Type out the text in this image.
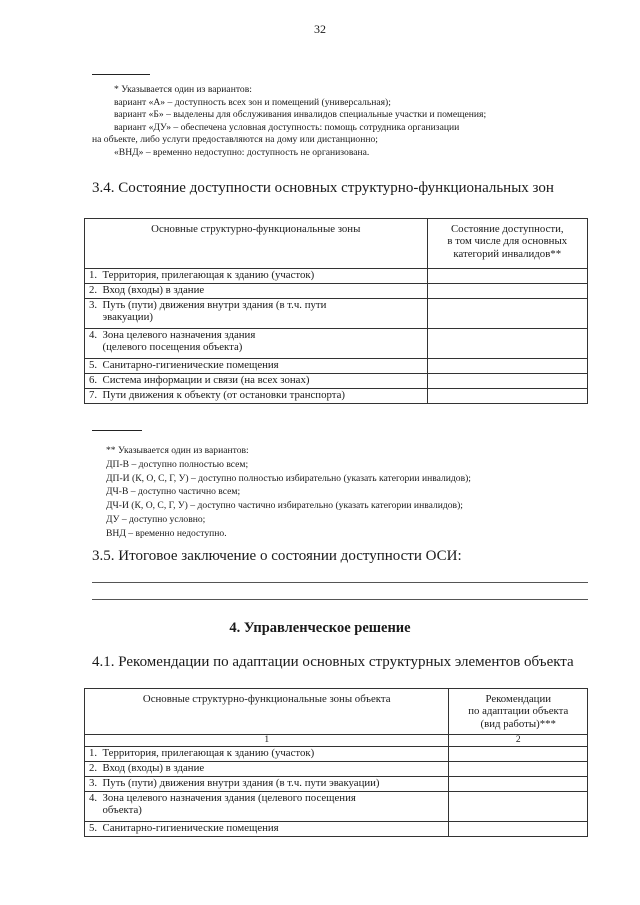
32
* Указывается один из вариантов:
вариант «А» – доступность всех зон и помещений (универсальная);
вариант «Б» – выделены для обслуживания инвалидов специальные участки и помещения;
вариант «ДУ» – обеспечена условная доступность: помощь сотрудника организации
на объекте, либо услуги предоставляются на дому или дистанционно;
«ВНД» – временно недоступно: доступность не организована.
3.4. Состояние доступности основных структурно-функциональных зон
Основные структурно-функциональные зоны	Состояние доступности,
в том числе для основных
категорий инвалидов**

1.  Территория, прилегающая к зданию (участок)	
2.  Вход (входы) в здание	

3.  Путь (пути) движения внутри здания (в т.ч. пути
эвакуации)	

4.  Зона целевого назначения здания
(целевого посещения объекта)	

5.  Санитарно-гигиенические помещения	
6.  Система информации и связи (на всех зонах)	
7.  Пути движения к объекту (от остановки транспорта)	
** Указывается один из вариантов:
ДП-В – доступно полностью всем;
ДП-И (К, О, С, Г, У) – доступно полностью избирательно (указать категории инвалидов);
ДЧ-В – доступно частично всем;
ДЧ-И (К, О, С, Г, У) – доступно частично избирательно (указать категории инвалидов);
ДУ – доступно условно;
ВНД – временно недоступно.
3.5. Итоговое заключение о состоянии доступности ОСИ:
4. Управленческое решение
4.1. Рекомендации по адаптации основных структурных элементов объекта
Основные структурно-функциональные зоны объекта	Рекомендации
по адаптации объекта
(вид работы)***

1	2
1.  Территория, прилегающая к зданию (участок)	
2.  Вход (входы) в здание	
3.  Путь (пути) движения внутри здания (в т.ч. пути эвакуации)	

4.  Зона целевого назначения здания (целевого посещения
объекта)	

5.  Санитарно-гигиенические помещения	
